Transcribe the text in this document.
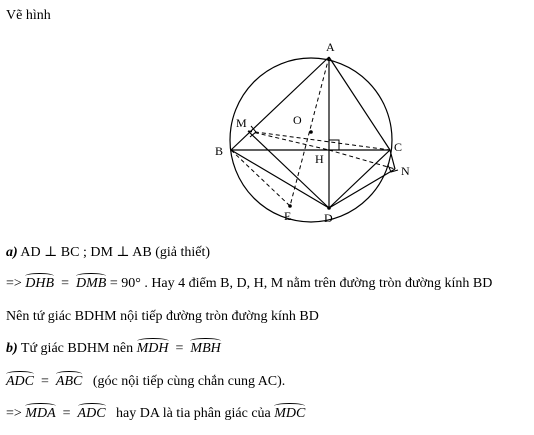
Vẽ hình
A
B	C
D
E
H
M
N
O
a) AD ⊥ BC ; DM ⊥ AB (giả thiết)
=> DHB  =  DMB = 90° . Hay 4 điểm B, D, H, M nằm trên đường tròn đường kính BD
Nên tứ giác BDHM nội tiếp đường tròn đường kính BD
b) Tứ giác BDHM nên MDH  =  MBH
ADC  =  ABC (góc nội tiếp cùng chắn cung AC).
=> MDA  =  ADC hay DA là tia phân giác của MDC
